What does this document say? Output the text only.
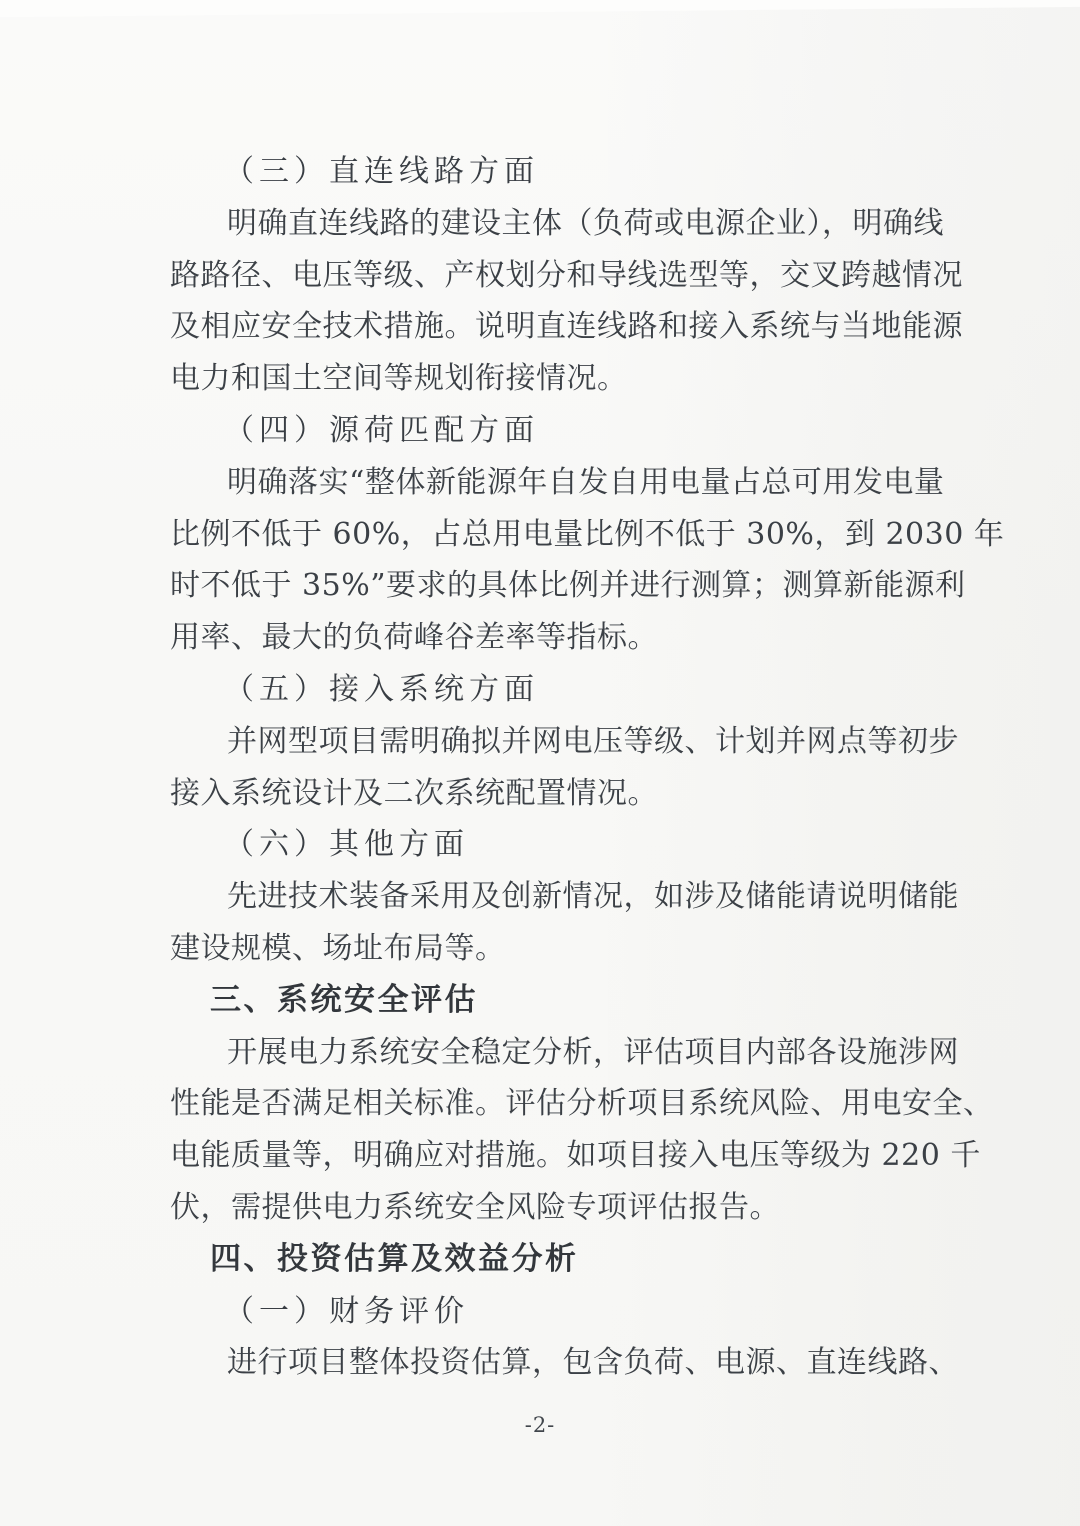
（三）直连线路方面
明确直连线路的建设主体（负荷或电源企业），明确线
路路径、电压等级、产权划分和导线选型等，交叉跨越情况
及相应安全技术措施。说明直连线路和接入系统与当地能源
电力和国土空间等规划衔接情况。
（四）源荷匹配方面
明确落实“整体新能源年自发自用电量占总可用发电量
比例不低于 60%，占总用电量比例不低于 30%，到 2030 年
时不低于 35%”要求的具体比例并进行测算；测算新能源利
用率、最大的负荷峰谷差率等指标。
（五）接入系统方面
并网型项目需明确拟并网电压等级、计划并网点等初步
接入系统设计及二次系统配置情况。
（六）其他方面
先进技术装备采用及创新情况，如涉及储能请说明储能
建设规模、场址布局等。
三、系统安全评估
开展电力系统安全稳定分析，评估项目内部各设施涉网
性能是否满足相关标准。评估分析项目系统风险、用电安全、
电能质量等，明确应对措施。如项目接入电压等级为 220 千
伏，需提供电力系统安全风险专项评估报告。
四、投资估算及效益分析
（一）财务评价
进行项目整体投资估算，包含负荷、电源、直连线路、
-2-
